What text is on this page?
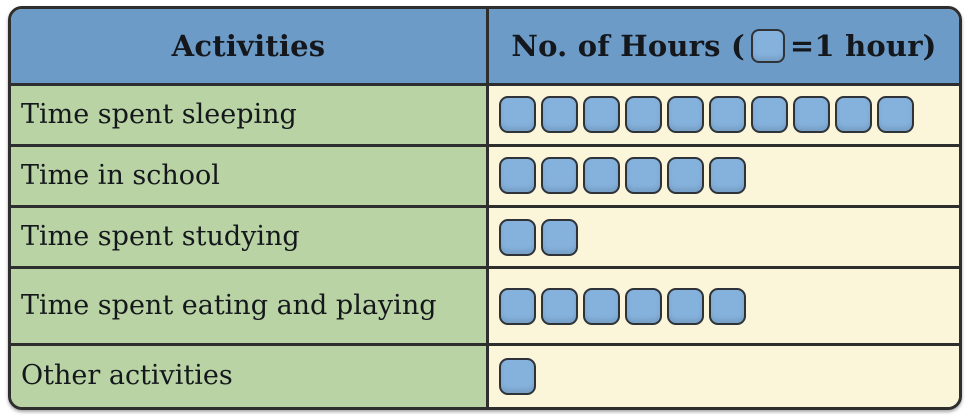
Activities	No. of Hours ( =1 hour)
Time spent sleeping
Time in school
Time spent studying
Time spent eating and playing
Other activities
